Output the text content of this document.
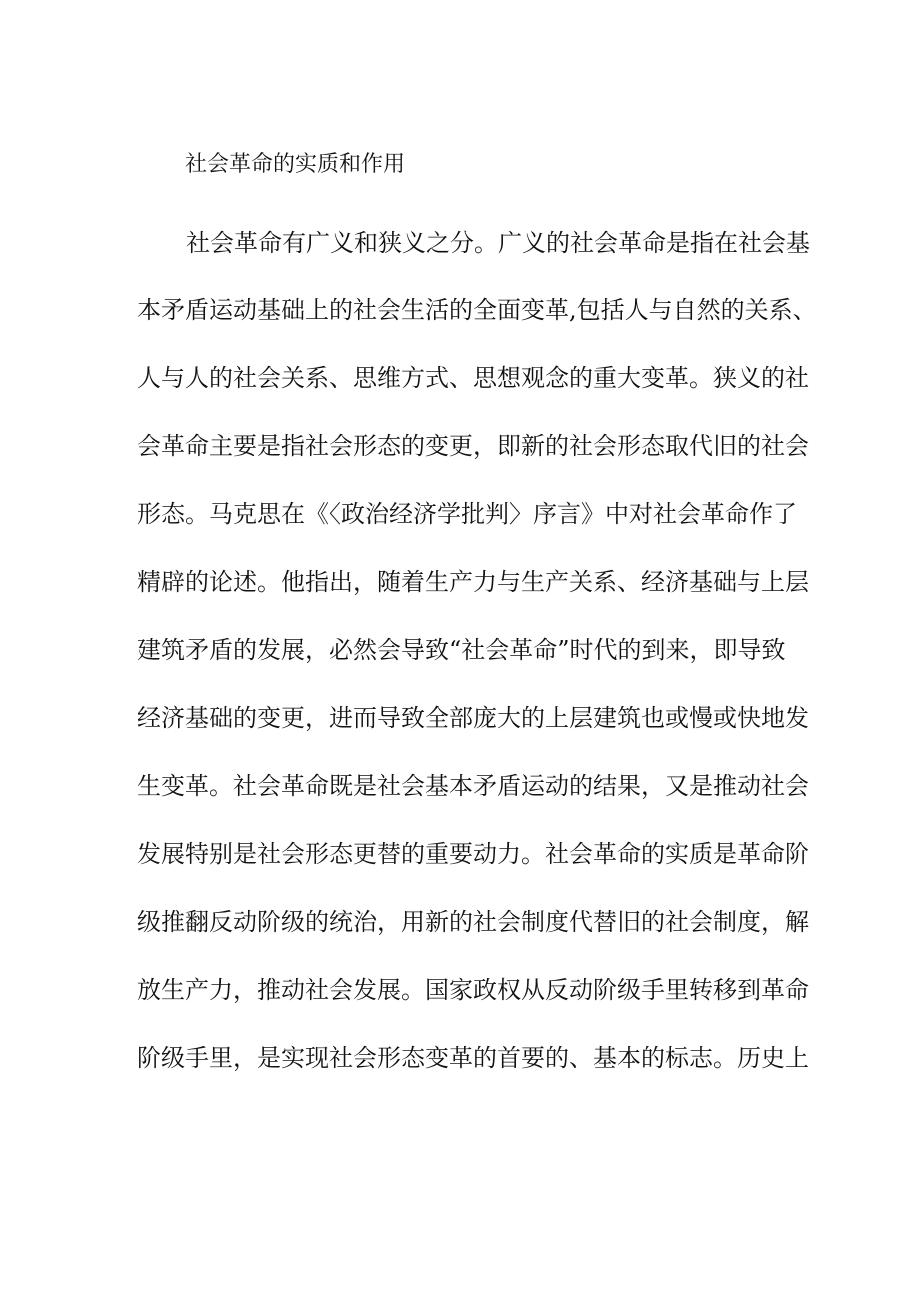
社会革命的实质和作用
社会革命有广义和狭义之分。广义的社会革命是指在社会基
本矛盾运动基础上的社会生活的全面变革,包括人与自然的关系、
人与人的社会关系、思维方式、思想观念的重大变革。狭义的社
会革命主要是指社会形态的变更，即新的社会形态取代旧的社会
形态。马克思在《〈政治经济学批判〉序言》中对社会革命作了
精辟的论述。他指出，随着生产力与生产关系、经济基础与上层
建筑矛盾的发展，必然会导致“社会革命”时代的到来，即导致
经济基础的变更，进而导致全部庞大的上层建筑也或慢或快地发
生变革。社会革命既是社会基本矛盾运动的结果，又是推动社会
发展特别是社会形态更替的重要动力。社会革命的实质是革命阶
级推翻反动阶级的统治，用新的社会制度代替旧的社会制度，解
放生产力，推动社会发展。国家政权从反动阶级手里转移到革命
阶级手里，是实现社会形态变革的首要的、基本的标志。历史上
